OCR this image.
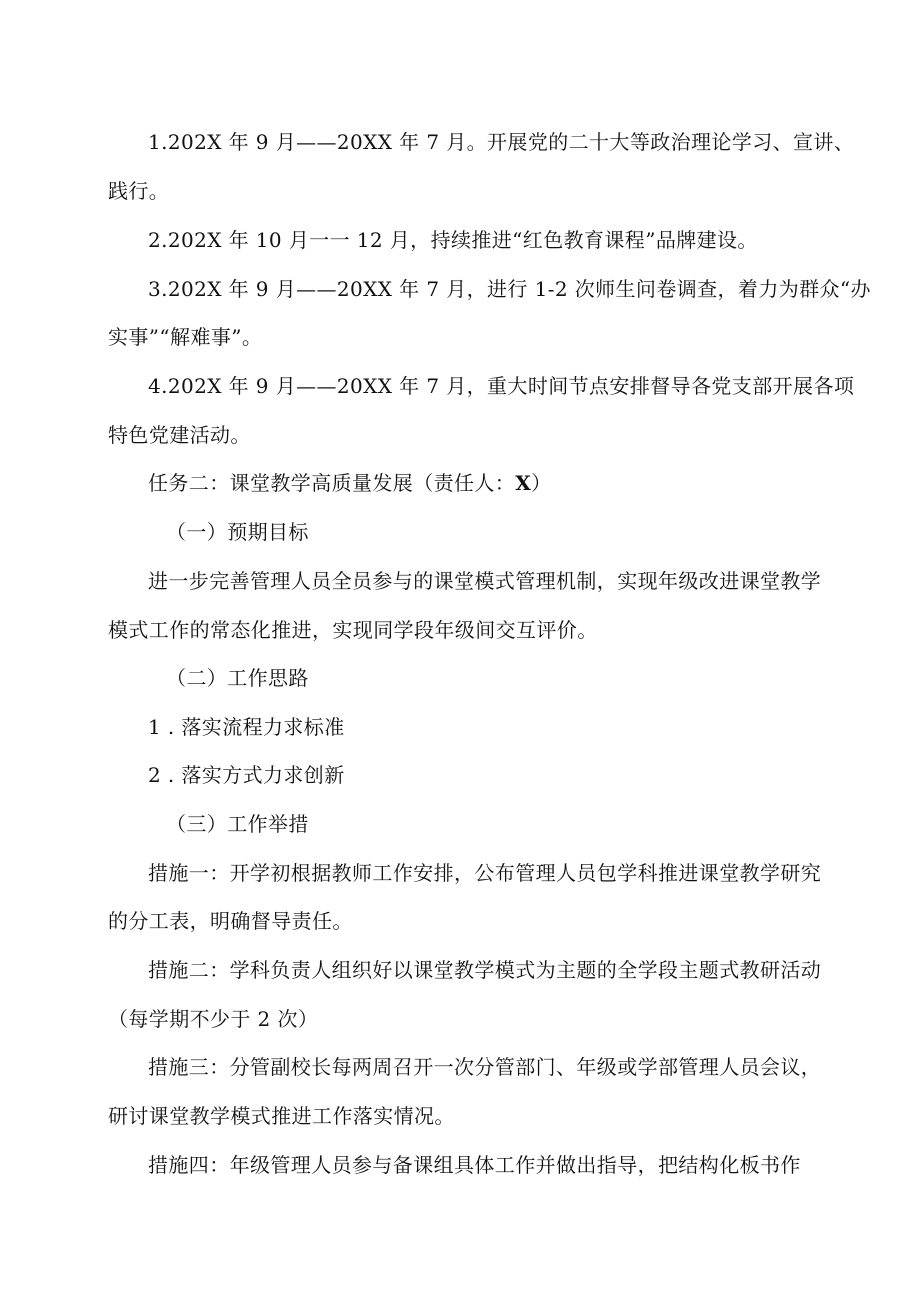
1.202X 年 9 月——20XX 年 7 月。开展党的二十大等政治理论学习、宣讲、
践行。
2.202X 年 10 月一一 12 月，持续推进“红色教育课程”品牌建设。
3.202X 年 9 月——20XX 年 7 月，进行 1-2 次师生问卷调查，着力为群众“办
实事”“解难事”。
4.202X 年 9 月——20XX 年 7 月，重大时间节点安排督导各党支部开展各项
特色党建活动。
任务二：课堂教学高质量发展（责任人：X）
（一）预期目标
进一步完善管理人员全员参与的课堂模式管理机制，实现年级改进课堂教学
模式工作的常态化推进，实现同学段年级间交互评价。
（二）工作思路
1 . 落实流程力求标准
2 . 落实方式力求创新
（三）工作举措
措施一：开学初根据教师工作安排，公布管理人员包学科推进课堂教学研究
的分工表，明确督导责任。
措施二：学科负责人组织好以课堂教学模式为主题的全学段主题式教研活动
（每学期不少于 2 次）
措施三：分管副校长每两周召开一次分管部门、年级或学部管理人员会议，
研讨课堂教学模式推进工作落实情况。
措施四：年级管理人员参与备课组具体工作并做出指导，把结构化板书作
